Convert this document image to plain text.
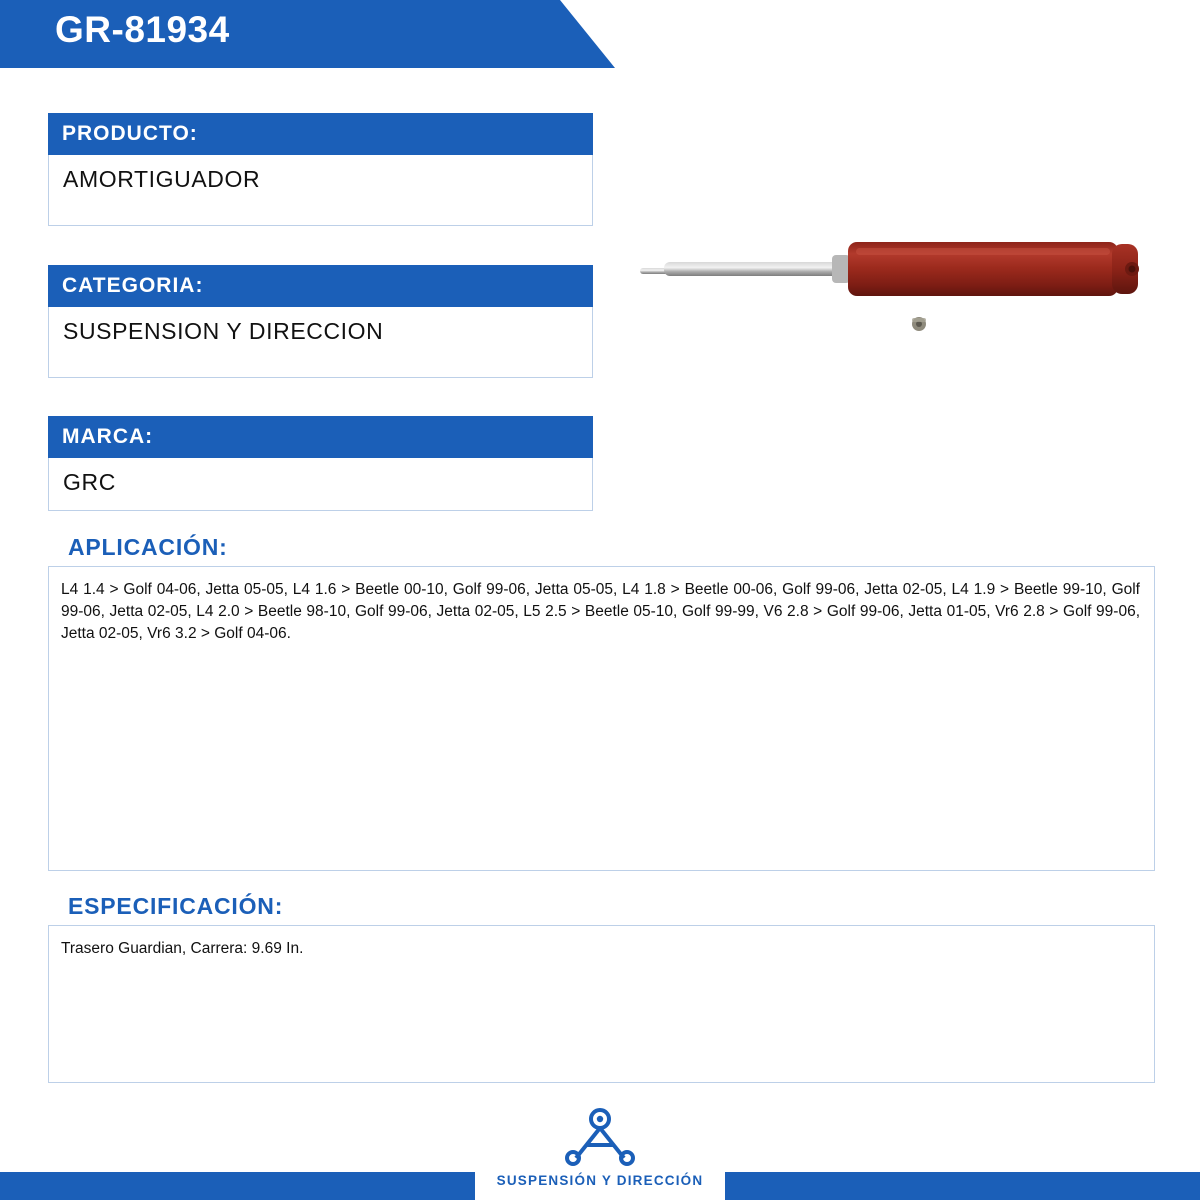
GR-81934
PRODUCTO:
AMORTIGUADOR
CATEGORIA:
SUSPENSION Y DIRECCION
MARCA:
GRC
APLICACIÓN:
L4 1.4 > Golf 04-06, Jetta 05-05, L4 1.6 > Beetle 00-10, Golf 99-06, Jetta 05-05, L4 1.8 > Beetle 00-06, Golf 99-06, Jetta 02-05, L4 1.9 > Beetle 99-10, Golf 99-06, Jetta 02-05, L4 2.0 > Beetle 98-10, Golf 99-06, Jetta 02-05, L5 2.5 > Beetle 05-10, Golf 99-99, V6 2.8 > Golf 99-06, Jetta 01-05, Vr6 2.8 > Golf 99-06, Jetta 02-05, Vr6 3.2 > Golf 04-06.
ESPECIFICACIÓN:
Trasero Guardian, Carrera: 9.69 In.
SUSPENSIÓN Y DIRECCIÓN
